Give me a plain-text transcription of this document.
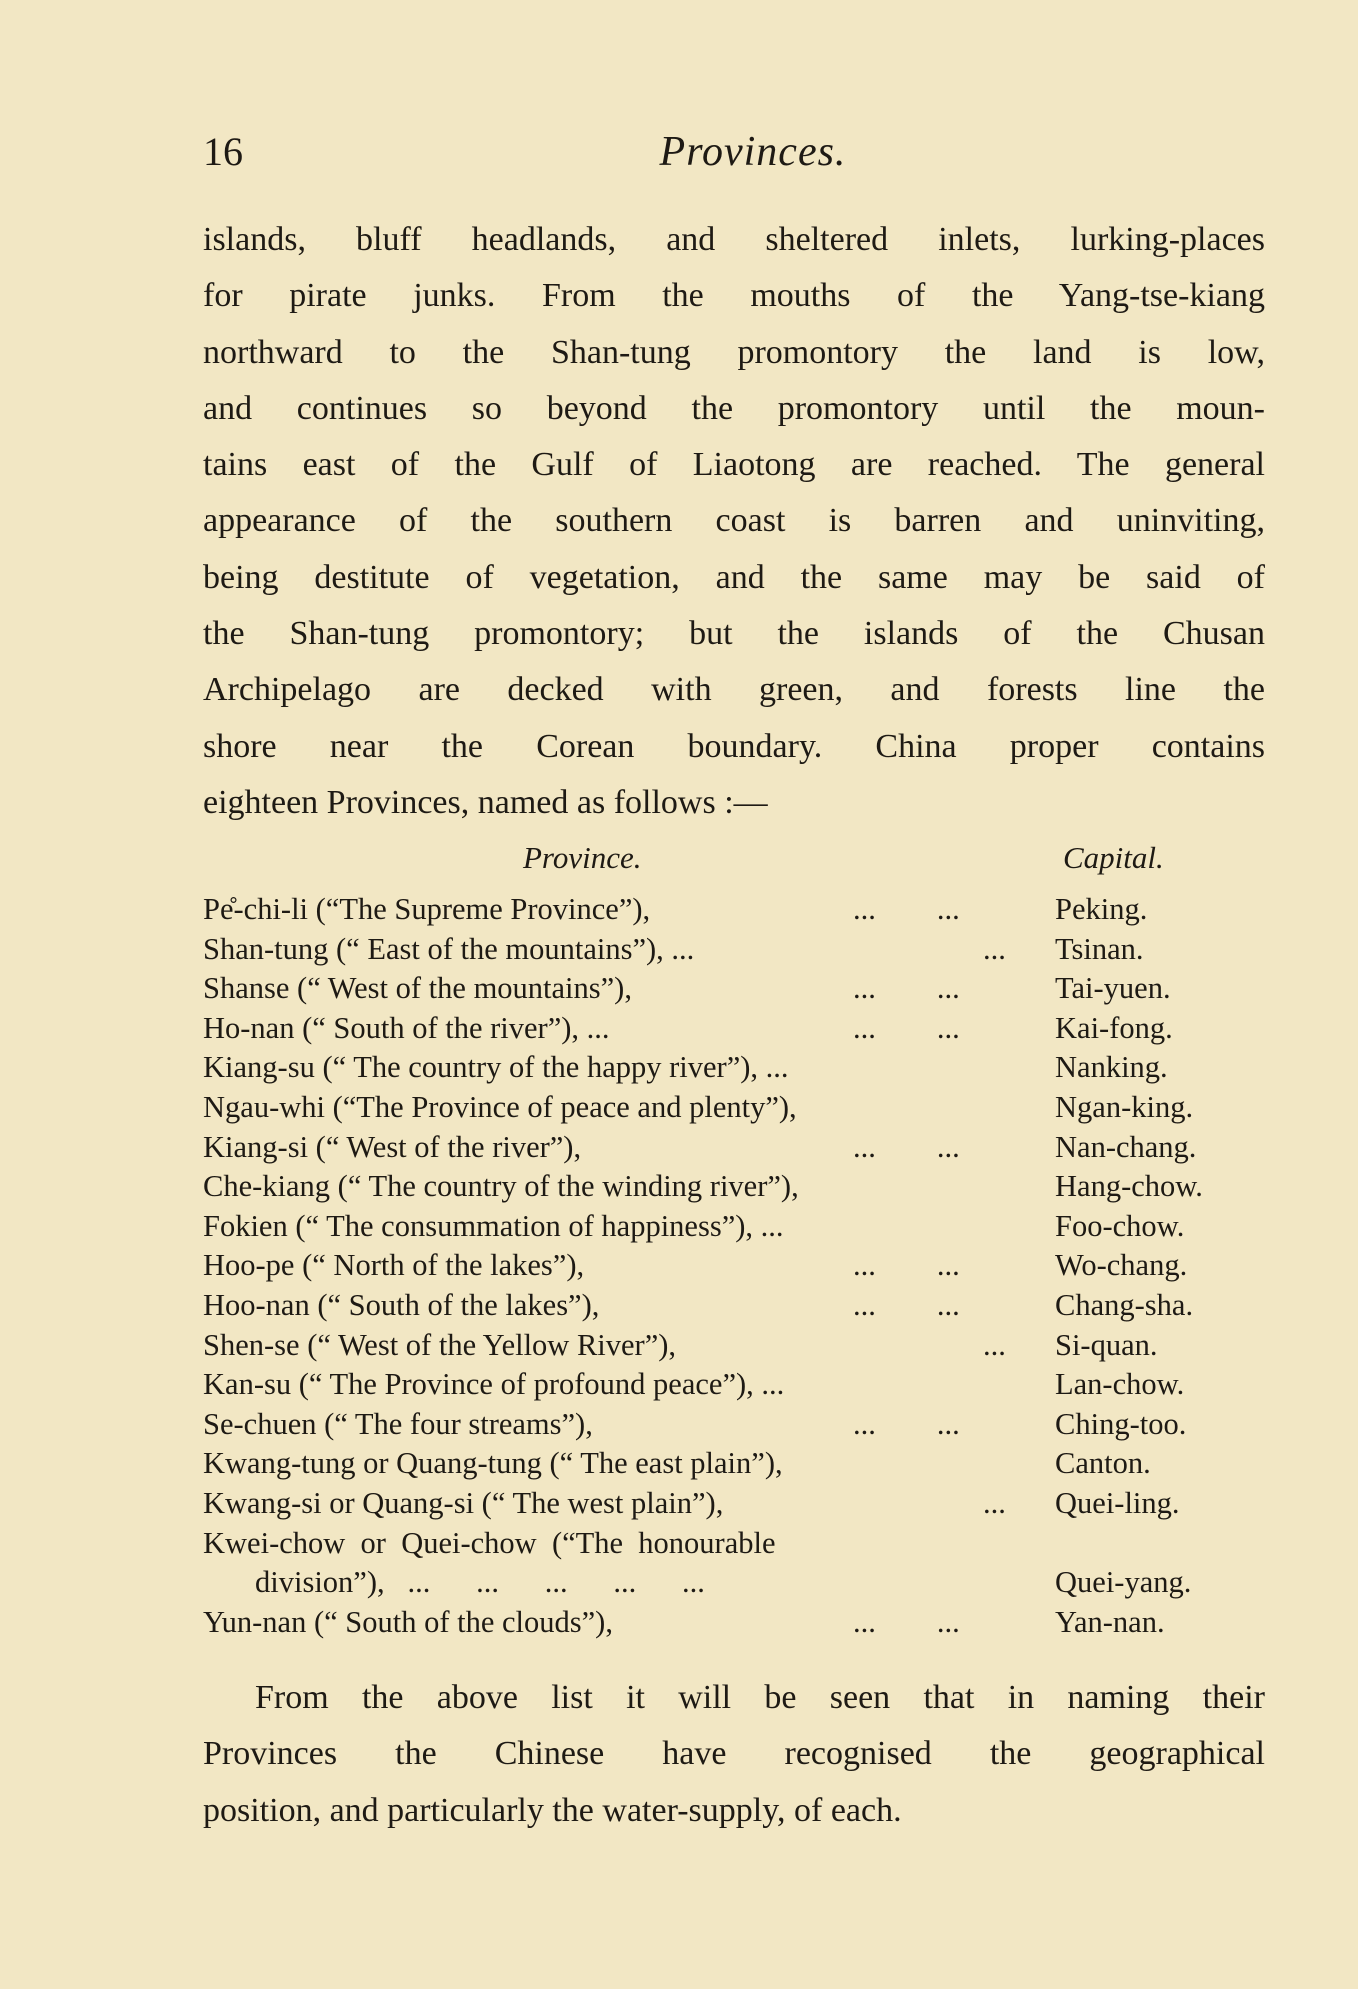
16	Provinces.
islands, bluff headlands, and sheltered inlets, lurking-places
for pirate junks. From the mouths of the Yang-tse-kiang
northward to the Shan-tung promontory the land is low,
and continues so beyond the promontory until the moun-
tains east of the Gulf of Liaotong are reached. The general
appearance of the southern coast is barren and uninviting,
being destitute of vegetation, and the same may be said of
the Shan-tung promontory; but the islands of the Chusan
Archipelago are decked with green, and forests line the
shore near the Corean boundary. China proper contains
eighteen Provinces, named as follows :—
Province.	Capital.
Pe̊-chi-li (“The Supreme Province”),	...        ...	Peking.
Shan-tung (“ East of the mountains”), ...	... Tsinan.
Shanse (“ West of the mountains”),	...        ...	Tai-yuen.
Ho-nan (“ South of the river”), ...	...        ...	Kai-fong.
Kiang-su (“ The country of the happy river”), ...	Nanking.
Ngau-whi (“The Province of peace and plenty”),	Ngan-king.
Kiang-si (“ West of the river”),	...        ...	Nan-chang.
Che-kiang (“ The country of the winding river”),	Hang-chow.
Fokien (“ The consummation of happiness”), ...	Foo-chow.
Hoo-pe (“ North of the lakes”),	...        ...	Wo-chang.
Hoo-nan (“ South of the lakes”),	...        ...	Chang-sha.
Shen-se (“ West of the Yellow River”),	... Si-quan.
Kan-su (“ The Province of profound peace”), ...	Lan-chow.
Se-chuen (“ The four streams”),	...        ...	Ching-too.
Kwang-tung or Quang-tung (“ The east plain”),	Canton.
Kwang-si or Quang-si (“ The west plain”),	... Quei-ling.
Kwei-chow  or  Quei-chow  (“The  honourable
division”),   ...      ...      ...      ...      ...	Quei-yang.
Yun-nan (“ South of the clouds”),	...        ...	Yan-nan.
From the above list it will be seen that in naming their
Provinces the Chinese have recognised the geographical
position, and particularly the water-supply, of each.
